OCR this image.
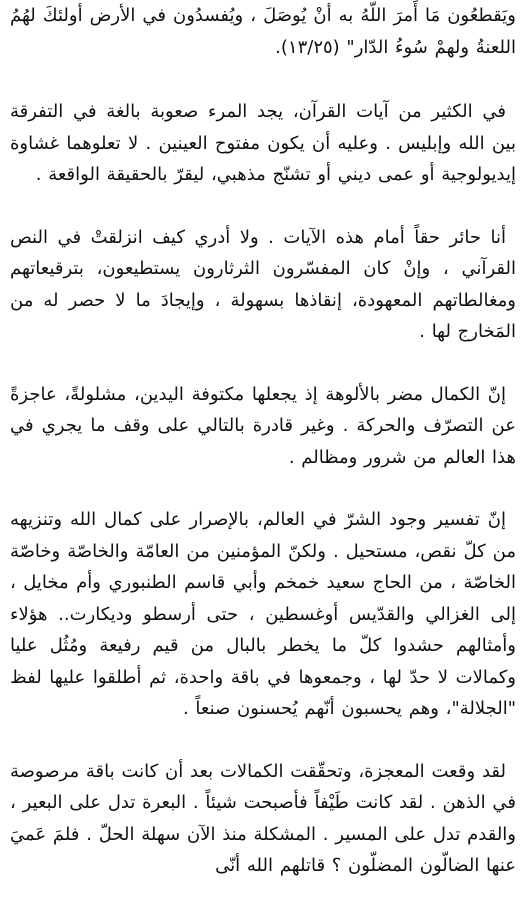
ويَقطعُون مَا أَمرَ اللّهُ به أنْ يُوصَلَ ، ويُفسدُون في الأرض أولئكَ لهُمُ اللعنةُ ولهمْ سُوءُ الدّار" (١٣/٢٥).

في الكثير من آيات القرآن، يجد المرء صعوبة بالغة في التفرقة بين الله وإبليس . وعليه أن يكون مفتوح العينين . لا تعلوهما غشاوة إيديولوجية أو عمى ديني أو تشنّج مذهبي، ليقرّ بالحقيقة الواقعة .

أنا حائر حقاً أمام هذه الآيات . ولا أدري كيف انزلقتْ في النص القرآني ، وإنْ كان المفسّرون الثرثارون يستطيعون، بترقيعاتهم ومغالطاتهم المعهودة، إنقاذها بسهولة ، وإيجادَ ما لا حصر له من المَخارج لها .

إنّ الكمال مضر بالألوهة إذ يجعلها مكتوفة اليدين، مشلولةً، عاجزةً عن التصرّف والحركة . وغير قادرة بالتالي على وقف ما يجري في هذا العالم من شرور ومظالم .

إنّ تفسير وجود الشرّ في العالم، بالإصرار على كمال الله وتنزيهه من كلّ نقص، مستحيل . ولكنّ المؤمنين من العامّة والخاصّة وخاصّة الخاصّة ، من الحاج سعيد خمخم وأبي قاسم الطنبوري وأم مخايل ، إلى الغزالي والقدّيس أوغسطين ، حتى أرسطو وديكارت.. هؤلاء وأمثالهم حشدوا كلّ ما يخطر بالبال من قيم رفيعة ومُثُل عليا وكمالات لا حدّ لها ، وجمعوها في باقة واحدة، ثم أطلقوا عليها لفظ "الجلالة"، وهم يحسبون أنّهم يُحسنون صنعاً .

لقد وقعت المعجزة، وتحقّقت الكمالات بعد أن كانت باقة مرصوصة في الذهن . لقد كانت طَيْفاً فأصبحت شيئاً . البعرة تدل على البعير ، والقدم تدل على المسير . المشكلة منذ الآن سهلة الحلّ . فلمَ عَميَ عنها الضالّون المضلّون ؟ قاتلهم الله أنّى
